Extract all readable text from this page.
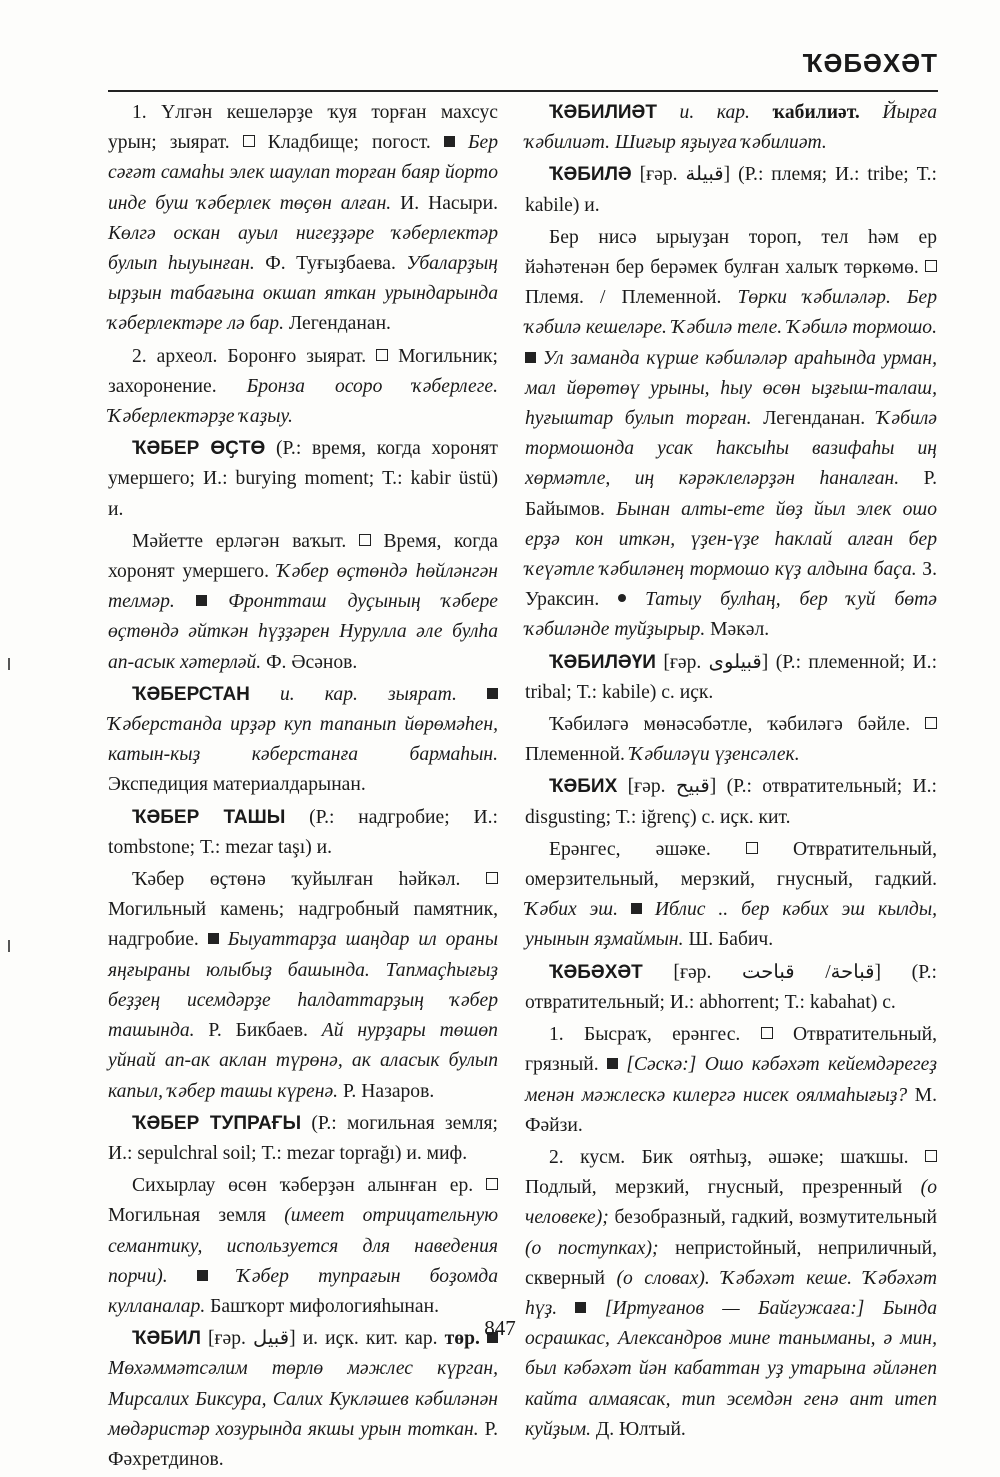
ҠӘБӘХӘТ

1. Үлгән кешеләрҙе ҡуя торған махсус урын; зыярат. Кладбище; погост. Бер сәғәт самаһы элек шаулап торған баяр йорто инде буш ҡәберлек төҫөн алған. И. Насыри. Көлгә оскан ауыл нигеҙҙәре ҡәберлектәр булып һыуынған. Ф. Туғыҙбаева. Убаларҙың ырҙын табағына окшап яткан урындарында ҡәберлектәре лә бар. Легенданан.

2. археол. Боронғо зыярат. Могильник; захоронение. Бронза осоро ҡәберлеге. Ҡәберлектәрҙе ҡаҙыу.

ҠӘБЕР ӨҪТӨ (Р.: время, когда хоронят умершего; И.: burying moment; Т.: kabir üstü) и.

Мәйетте ерләгән ваҡыт. Время, когда хоронят умершего. Ҡәбер өҫтөндә һөйләнгән телмәр.	Фронтташ дуҫының ҡәбере өҫтөндә әйткән һүҙҙәрен Нурулла әле булһа ап-асык хәтерләй. Ф. Әсәнов.

ҠӘБЕРСТАН и. кар. зыярат.  Ҡәберстанда ирҙәр куп тапанып йөрөмәһен, катын-кыҙ кәберстанға бармаһын. Экспедиция материалдарынан.

ҠӘБЕР ТАШЫ (Р.: надгробие; И.: tombstone; Т.: mezar taşı) и.

Ҡәбер өҫтөнә ҡуйылған һәйкәл.  Могильный камень; надгробный памятник, надгробие. Быуаттарҙа шаңдар ил ораны яңғыраны юлыбыҙ башында. Тапмаҫһығыҙ беҙҙең исемдәрҙе һалдаттарҙың ҡәбер ташында. Р. Бикбаев. Ай нурҙары төшөп уйнай ап-ак аклан түрөнә, ак аласык булып капыл, ҡәбер ташы күренә. Р. Назаров.

ҠӘБЕР ТУПРАҒЫ (Р.: могильная земля; И.: sepulchral soil; Т.: mezar toprağı) и. миф.

Сихырлау өсөн ҡәберҙән алынған ер.  Могильная земля (имеет отрицательную семантику, используется для наведения порчи).	Ҡәбер тупрағын боҙомда кулланалар. Башҡорт мифологияһынан.

ҠӘБИЛ [ғәр. قبیل] и. иҫк. кит. кар. төр.  Мөхәммәтсәлим төрлө мәжлес күрган, Мирсалих Биксура, Салих Кукләшев кәбиләнән мөдәристәр хозурында якшы урын тоткан. Р. Фәхретдинов.

ҠӘБИЛИӘТ и. кар. ҡабилиәт. Йырға ҡәбилиәт. Шиғыр яҙыуға ҡәбилиәт.

ҠӘБИЛӘ [ғәр. قبيلة] (Р.: племя; И.: tribe; Т.: kabile) и.

Бер нисә ырыуҙан тороп, тел һәм ер йәһәтенән бер берәмек булған халыҡ төркөмө.  Племя. / Племенной. Төрки ҡәбиләләр. Бер ҡәбилә кешеләре. Ҡәбилә теле. Ҡәбилә тормошо.  Ул заманда күрше кәбиләләр араһында урман, мал йөрөтөү урыны, һыу өсөн ыҙғыш-талаш, һуғыштар булып торған. Легенданан. Ҡәбилә тормошонда усак һаксыһы вазифаһы иң хөрмәтле, иң кәрәклеләрҙән һаналған. Р. Байымов. Бынан алты-ете йөҙ йыл элек ошо ерҙә кон иткән, үҙен-үҙе һаклай алған бер ҡеүәтле ҡәбиләнең тормошо күҙ алдына баҫа. З. Ураксин. Татыу булһаң, бер ҡуй бөтә ҡәбиләнде туйҙырыр. Мәкәл.

ҠӘБИЛӘҮИ [ғәр. قبيلوى] (Р.: племенной; И.: tribal; Т.: kabile) с. иҫк.

Ҡәбиләгә мөнәсәбәтле, ҡәбиләгә бәйле.  Племенной. Ҡәбиләүи үҙенсәлек.

ҠӘБИХ [ғәр. قبيح] (Р.: отвратительный; И.: disgusting; Т.: iğrenç) с. иҫк. кит.

Ерәнгес, әшәке.	Отвратительный, омерзительный, мерзкий, гнусный, гадкий. Ҡәбих эш. Иблис .. бер кәбих эш кылды, унынын яҙмаймын. Ш. Бабич.

ҠӘБӘХӘТ [ғәр. قباحة/ قباحت] (Р.: отвратительный; И.: abhorrent; Т.: kabahat) с.

1. Бысраҡ, ерәнгес.	Отвратительный, грязный. [Сәскә:] Ошо кәбәхәт кейемдәрегеҙ менән мәжлескә килергә нисек оялмаһығыҙ? М. Фәйзи.

2. кусм. Бик оятһыҙ, әшәке; шаҡшы.  Подлый, мерзкий, гнусный, презренный (о человеке); безобразный, гадкий, возмутительный (о поступках); непристойный, неприличный, скверный (о словах). Ҡәбәхәт кеше. Ҡәбәхәт һүҙ. [Иртуғанов — Байгужаға:] Бында осрашкас, Александров мине таныманы, ә мин, был кәбәхәт йән кабаттан уҙ утарына әйләнеп кайта алмаясак, тип эсемдән генә ант итеп куйҙым. Д. Юлтый.

847
